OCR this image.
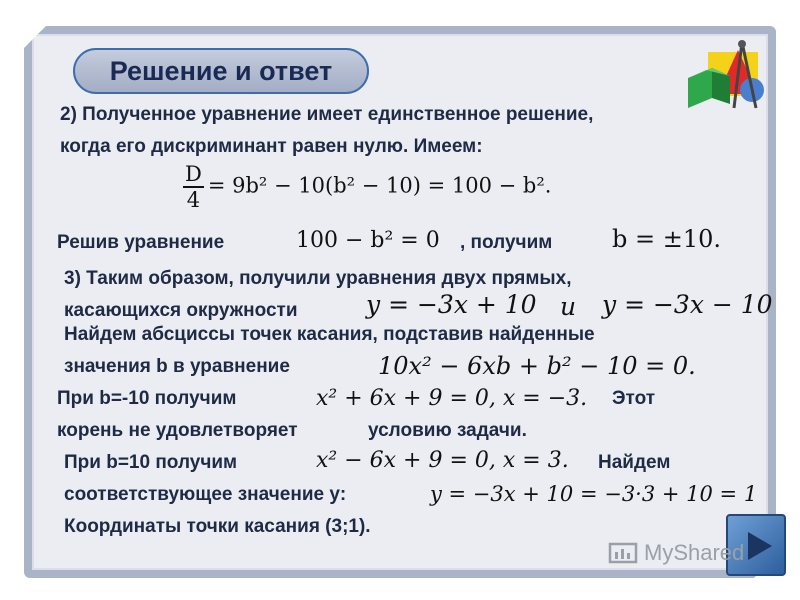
Решение и ответ
2) Полученное уравнение имеет единственное решение,
когда его дискриминант равен нулю. Имеем:
$\frac{D}{4} = 9b^2 - 10(b^2 - 10) = 100 - b^2$.
Решив уравнение	100 − b² = 0 , получим b = ±10.
3) Таким образом, получили уравнения двух прямых,
касающихся окружности	y = −3x + 10 и y = −3x − 10
Найдем абсциссы точек касания, подставив найденные
значения b в уравнение	10x² − 6xb + b² − 10 = 0.
При b=-10 получим	x² + 6x + 9 = 0, x = −3. Этот
корень не удовлетворяет	условию задачи.
При b=10 получим	x² − 6x + 9 = 0, x = 3. Найдем
соответствующее значение y:	y = −3x + 10 = −3·3 + 10 = 1
Координаты точки касания (3;1).
MyShared
